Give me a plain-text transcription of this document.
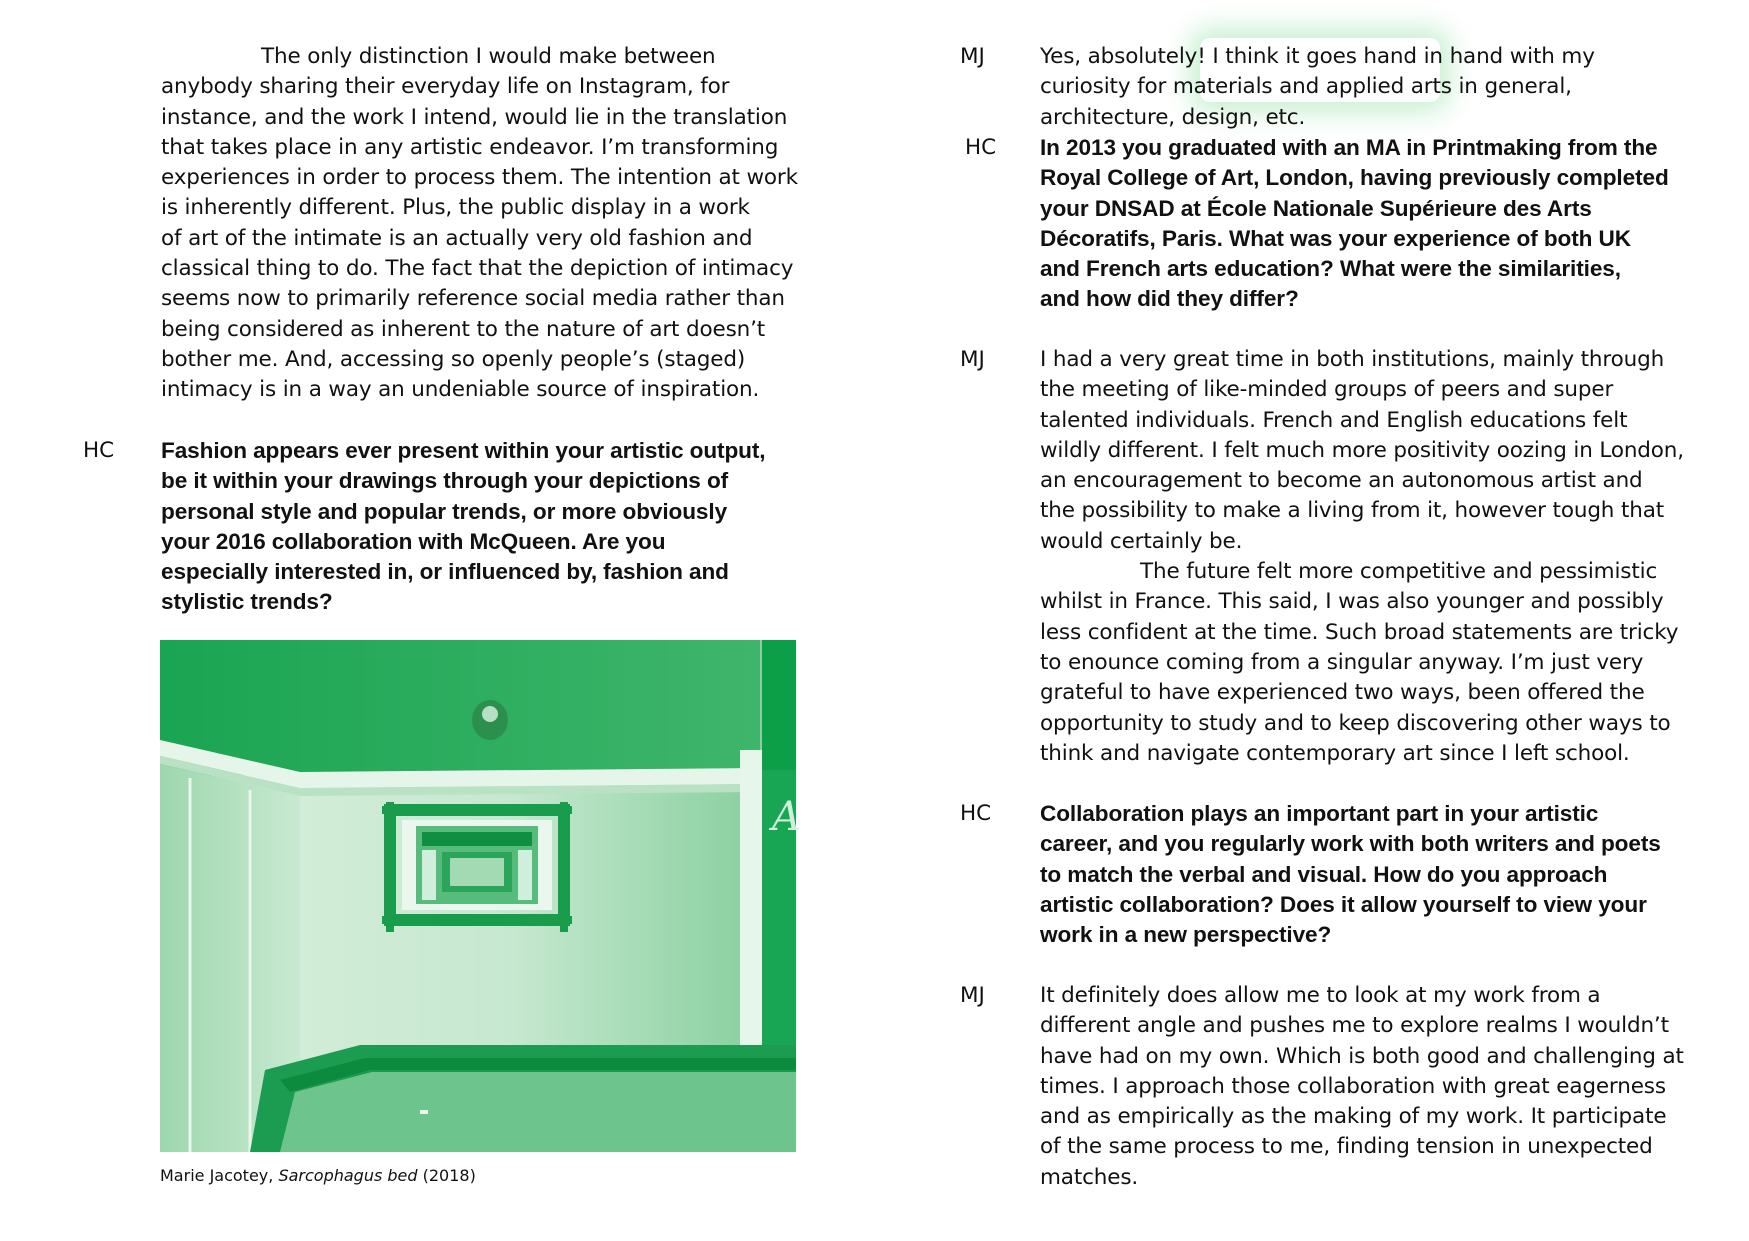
The only distinction I would make between
anybody sharing their everyday life on Instagram, for
instance, and the work I intend, would lie in the translation
that takes place in any artistic endeavor. I’m transforming
experiences in order to process them. The intention at work
is inherently different. Plus, the public display in a work
of art of the intimate is an actually very old fashion and
classical thing to do. The fact that the depiction of intimacy
seems now to primarily reference social media rather than
being considered as inherent to the nature of art doesn’t
bother me. And, accessing so openly people’s (staged)
intimacy is in a way an undeniable source of inspiration.

HC Fashion appears ever present within your artistic output,
be it within your drawings through your depictions of
personal style and popular trends, or more obviously
your 2016 collaboration with McQueen. Are you
especially interested in, or influenced by, fashion and
stylistic trends?

A
Marie Jacotey, Sarcophagus bed (2018)
MJ	Yes, absolutely! I think it goes hand in hand with my
curiosity for materials and applied arts in general,
architecture, design, etc.

HC In 2013 you graduated with an MA in Printmaking from the
Royal College of Art, London, having previously completed
your DNSAD at École Nationale Supérieure des Arts
Décoratifs, Paris. What was your experience of both UK
and French arts education? What were the similarities,
and how did they differ?

MJ	I had a very great time in both institutions, mainly through
the meeting of like-minded groups of peers and super
talented individuals. French and English educations felt
wildly different. I felt much more positivity oozing in London,
an encouragement to become an autonomous artist and
the possibility to make a living from it, however tough that
would certainly be.

The future felt more competitive and pessimistic
whilst in France. This said, I was also younger and possibly
less confident at the time. Such broad statements are tricky
to enounce coming from a singular anyway. I’m just very
grateful to have experienced two ways, been offered the
opportunity to study and to keep discovering other ways to
think and navigate contemporary art since I left school.

HC Collaboration plays an important part in your artistic
career, and you regularly work with both writers and poets
to match the verbal and visual. How do you approach
artistic collaboration? Does it allow yourself to view your
work in a new perspective?

MJ	It definitely does allow me to look at my work from a
different angle and pushes me to explore realms I wouldn’t
have had on my own. Which is both good and challenging at
times. I approach those collaboration with great eagerness
and as empirically as the making of my work. It participate
of the same process to me, finding tension in unexpected
matches.
